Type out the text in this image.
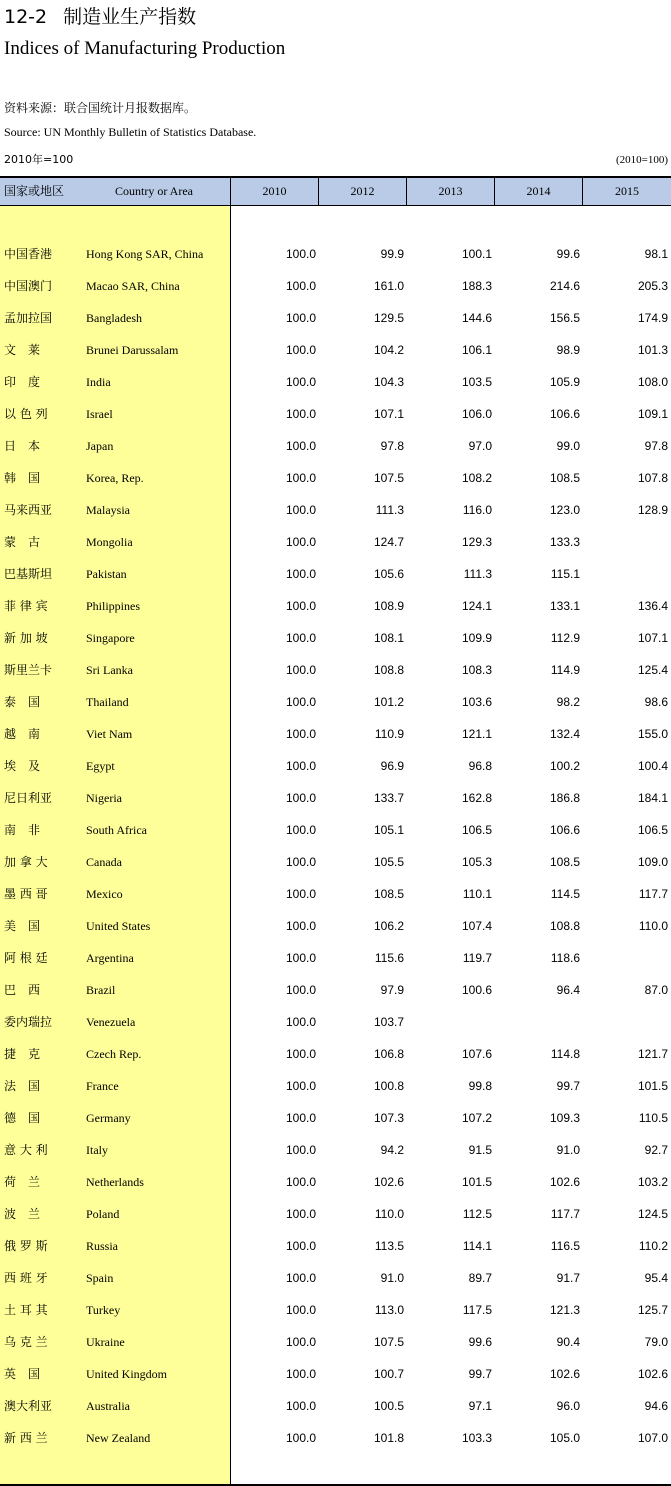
12-2 制造业生产指数
Indices of Manufacturing Production
资料来源：联合国统计月报数据库。
Source: UN Monthly Bulletin of Statistics Database.
2010年=100	(2010=100)
国家或地区	Country or Area	2010	2012	2013	2014	2015
中国香港	Hong Kong SAR, China	100.0	99.9	100.1	99.6	98.1
中国澳门	Macao SAR, China	100.0	161.0	188.3	214.6	205.3
孟加拉国	Bangladesh	100.0	129.5	144.6	156.5	174.9
文　莱	Brunei Darussalam	100.0	104.2	106.1	98.9	101.3
印　度	India	100.0	104.3	103.5	105.9	108.0
以 色 列	Israel	100.0	107.1	106.0	106.6	109.1
日　本	Japan	100.0	97.8	97.0	99.0	97.8
韩　国	Korea, Rep.	100.0	107.5	108.2	108.5	107.8
马来西亚	Malaysia	100.0	111.3	116.0	123.0	128.9
蒙　古	Mongolia	100.0	124.7	129.3	133.3
巴基斯坦	Pakistan	100.0	105.6	111.3	115.1
菲 律 宾	Philippines	100.0	108.9	124.1	133.1	136.4
新 加 坡	Singapore	100.0	108.1	109.9	112.9	107.1
斯里兰卡	Sri Lanka	100.0	108.8	108.3	114.9	125.4
泰　国	Thailand	100.0	101.2	103.6	98.2	98.6
越　南	Viet Nam	100.0	110.9	121.1	132.4	155.0
埃　及	Egypt	100.0	96.9	96.8	100.2	100.4
尼日利亚	Nigeria	100.0	133.7	162.8	186.8	184.1
南　非	South Africa	100.0	105.1	106.5	106.6	106.5
加 拿 大	Canada	100.0	105.5	105.3	108.5	109.0
墨 西 哥	Mexico	100.0	108.5	110.1	114.5	117.7
美　国	United States	100.0	106.2	107.4	108.8	110.0
阿 根 廷	Argentina	100.0	115.6	119.7	118.6
巴　西	Brazil	100.0	97.9	100.6	96.4	87.0
委内瑞拉	Venezuela	100.0	103.7
捷　克	Czech Rep.	100.0	106.8	107.6	114.8	121.7
法　国	France	100.0	100.8	99.8	99.7	101.5
德　国	Germany	100.0	107.3	107.2	109.3	110.5
意 大 利	Italy	100.0	94.2	91.5	91.0	92.7
荷　兰	Netherlands	100.0	102.6	101.5	102.6	103.2
波　兰	Poland	100.0	110.0	112.5	117.7	124.5
俄 罗 斯	Russia	100.0	113.5	114.1	116.5	110.2
西 班 牙	Spain	100.0	91.0	89.7	91.7	95.4
土 耳 其	Turkey	100.0	113.0	117.5	121.3	125.7
乌 克 兰	Ukraine	100.0	107.5	99.6	90.4	79.0
英　国	United Kingdom	100.0	100.7	99.7	102.6	102.6
澳大利亚	Australia	100.0	100.5	97.1	96.0	94.6
新 西 兰	New Zealand	100.0	101.8	103.3	105.0	107.0
